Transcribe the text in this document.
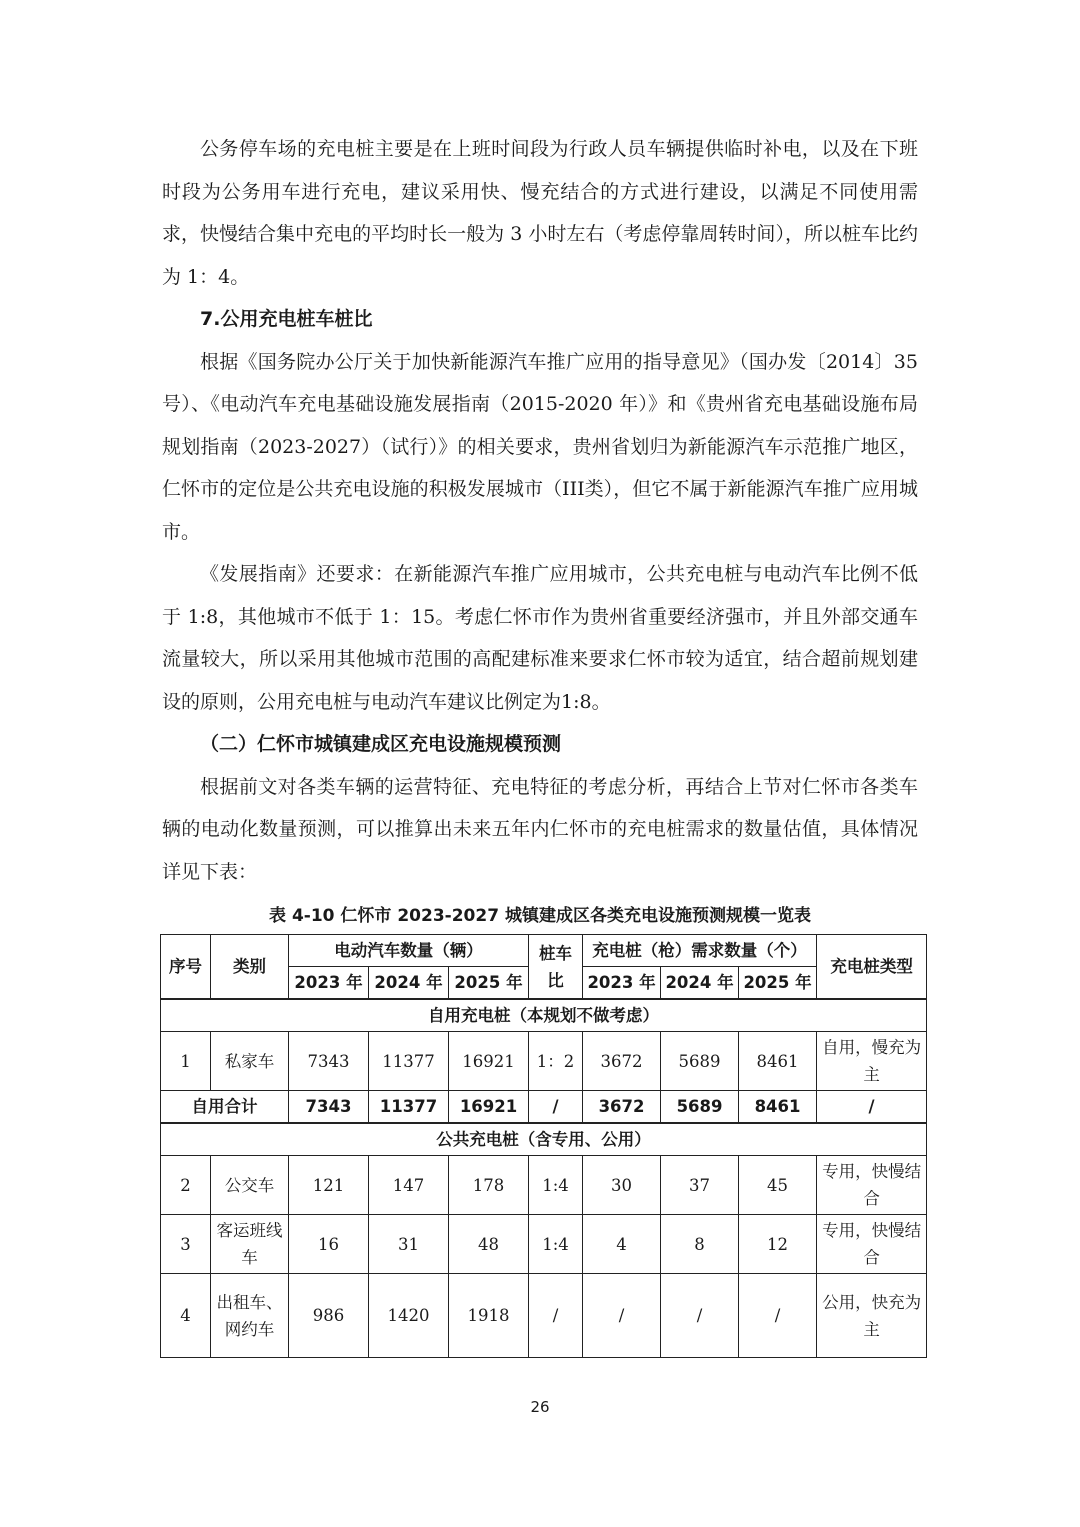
公务停车场的充电桩主要是在上班时间段为行政人员车辆提供临时补电，以及在下班时段为公务用车进行充电，建议采用快、慢充结合的方式进行建设，以满足不同使用需求，快慢结合集中充电的平均时长一般为 3 小时左右（考虑停靠周转时间），所以桩车比约为 1：4。

7.公用充电桩车桩比

根据《国务院办公厅关于加快新能源汽车推广应用的指导意见》（国办发〔2014〕35 号）、《电动汽车充电基础设施发展指南（2015-2020 年）》和《贵州省充电基础设施布局规划指南（2023-2027）（试行）》的相关要求，贵州省划归为新能源汽车示范推广地区，仁怀市的定位是公共充电设施的积极发展城市（III类），但它不属于新能源汽车推广应用城市。

《发展指南》还要求：在新能源汽车推广应用城市，公共充电桩与电动汽车比例不低于 1:8，其他城市不低于 1：15。考虑仁怀市作为贵州省重要经济强市，并且外部交通车流量较大，所以采用其他城市范围的高配建标准来要求仁怀市较为适宜，结合超前规划建设的原则，公用充电桩与电动汽车建议比例定为1:8。

（二）仁怀市城镇建成区充电设施规模预测

根据前文对各类车辆的运营特征、充电特征的考虑分析，再结合上节对仁怀市各类车辆的电动化数量预测，可以推算出未来五年内仁怀市的充电桩需求的数量估值，具体情况详见下表：

表 4-10 仁怀市 2023-2027 城镇建成区各类充电设施预测规模一览表
序号	类别	电动汽车数量（辆）			桩车比	充电桩（枪）需求数量（个）			充电桩类型
		2023 年	2024 年	2025 年		2023 年	2024 年	2025 年	
自用充电桩（本规划不做考虑）									
1	私家车	7343	11377	16921	1：2	3672	5689	8461	自用，慢充为主
自用合计		7343	11377	16921	/	3672	5689	8461	/
公共充电桩（含专用、公用）									
2	公交车	121	147	178	1:4	30	37	45	专用，快慢结合
3	客运班线车	16	31	48	1:4	4	8	12	专用，快慢结合
4	出租车、网约车	986	1420	1918	/	/	/	/	公用，快充为主
26
